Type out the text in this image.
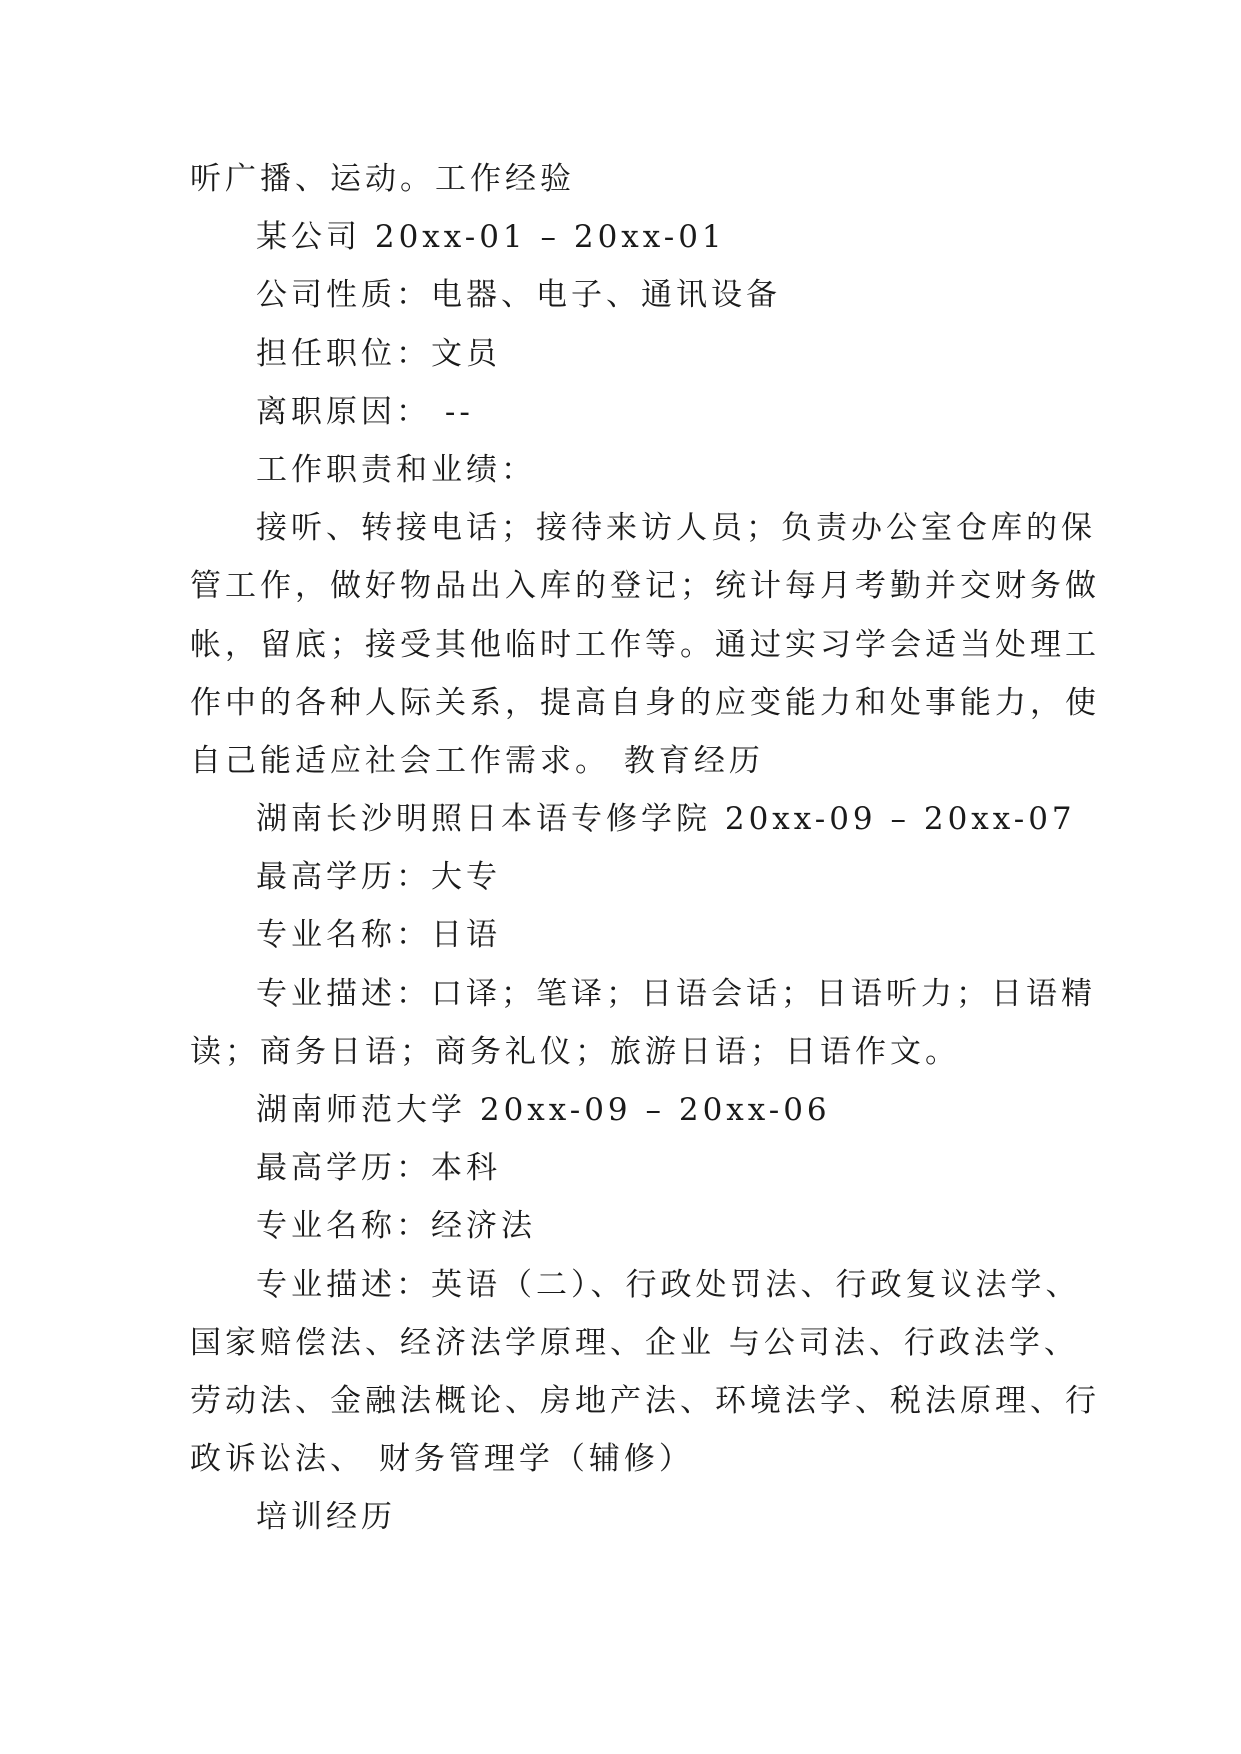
听广播、运动。工作经验
某公司 20xx-01 – 20xx-01
公司性质：电器、电子、通讯设备
担任职位：文员
离职原因： --
工作职责和业绩：
接听、转接电话；接待来访人员；负责办公室仓库的保
管工作，做好物品出入库的登记；统计每月考勤并交财务做
帐，留底；接受其他临时工作等。通过实习学会适当处理工
作中的各种人际关系，提高自身的应变能力和处事能力，使
自己能适应社会工作需求。 教育经历
湖南长沙明照日本语专修学院 20xx-09 – 20xx-07
最高学历：大专
专业名称：日语
专业描述：口译；笔译；日语会话；日语听力；日语精
读；商务日语；商务礼仪；旅游日语；日语作文。
湖南师范大学 20xx-09 – 20xx-06
最高学历：本科
专业名称：经济法
专业描述：英语（二）、行政处罚法、行政复议法学、
国家赔偿法、经济法学原理、企业 与公司法、行政法学、
劳动法、金融法概论、房地产法、环境法学、税法原理、行
政诉讼法、 财务管理学（辅修）
培训经历
